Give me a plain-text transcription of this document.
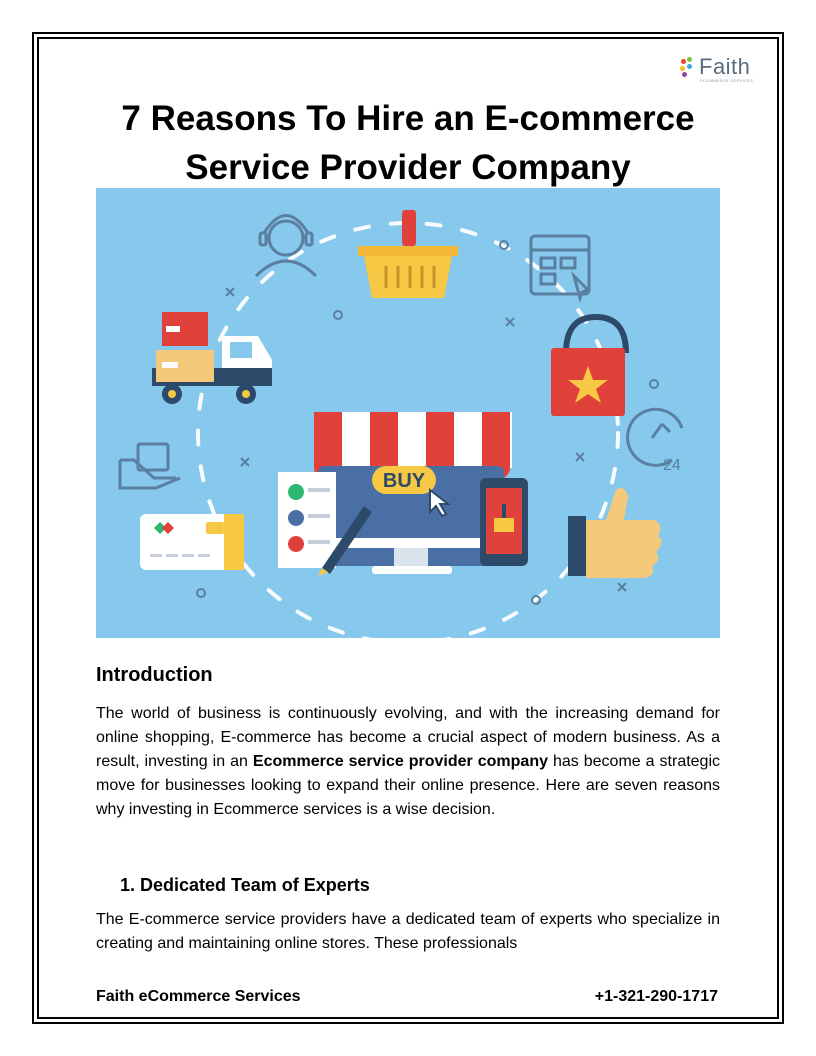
Faith
ECOMMERCE SERVICES
7 Reasons To Hire an E-commerce Service Provider Company
24
BUY
Introduction

The world of business is continuously evolving, and with the increasing demand for online shopping, E-commerce has become a crucial aspect of modern business. As a result, investing in an Ecommerce service provider company has become a strategic move for businesses looking to expand their online presence. Here are seven reasons why investing in Ecommerce services is a wise decision.

1. Dedicated Team of Experts

The E-commerce service providers have a dedicated team of experts who specialize in creating and maintaining online stores. These professionals

Faith eCommerce Services	+1-321-290-1717
